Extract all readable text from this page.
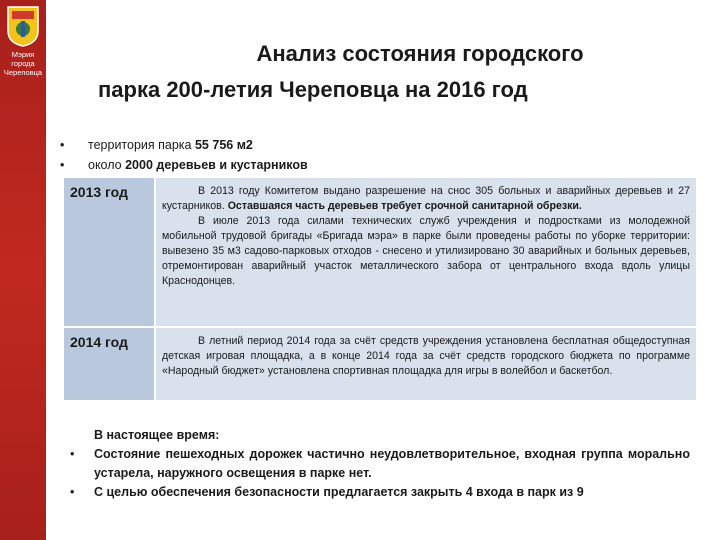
Мэрия
города
Череповца
Анализ состояния городского
парка 200-летия Череповца на 2016 год
• территория парка 55 756 м2
• около 2000 деревьев и кустарников
2013 год	В 2013 году Комитетом выдано разрешение на снос 305 больных и аварийных деревьев и 27 кустарников. Оставшаяся часть деревьев требует срочной санитарной обрезки.

В июле 2013 года силами технических служб учреждения и подростками из молодежной мобильной трудовой бригады «Бригада мэра» в парке были проведены работы по уборке территории: вывезено 35 м3 садово-парковых отходов - снесено и утилизировано 30 аварийных и больных деревьев, отремонтирован аварийный участок металлического забора от центрального входа вдоль улицы Краснодонцев.

2014 год	В летний период 2014 года за счёт средств учреждения установлена бесплатная общедоступная детская игровая площадка, а в конце 2014 года за счёт средств городского бюджета по программе «Народный бюджет» установлена спортивная площадка для игры в волейбол и баскетбол.

В настоящее время:
• Состояние пешеходных дорожек частично неудовлетворительное, входная группа морально устарела, наружного освещения в парке нет.
• С целью обеспечения безопасности предлагается закрыть 4 входа в парк из 9
